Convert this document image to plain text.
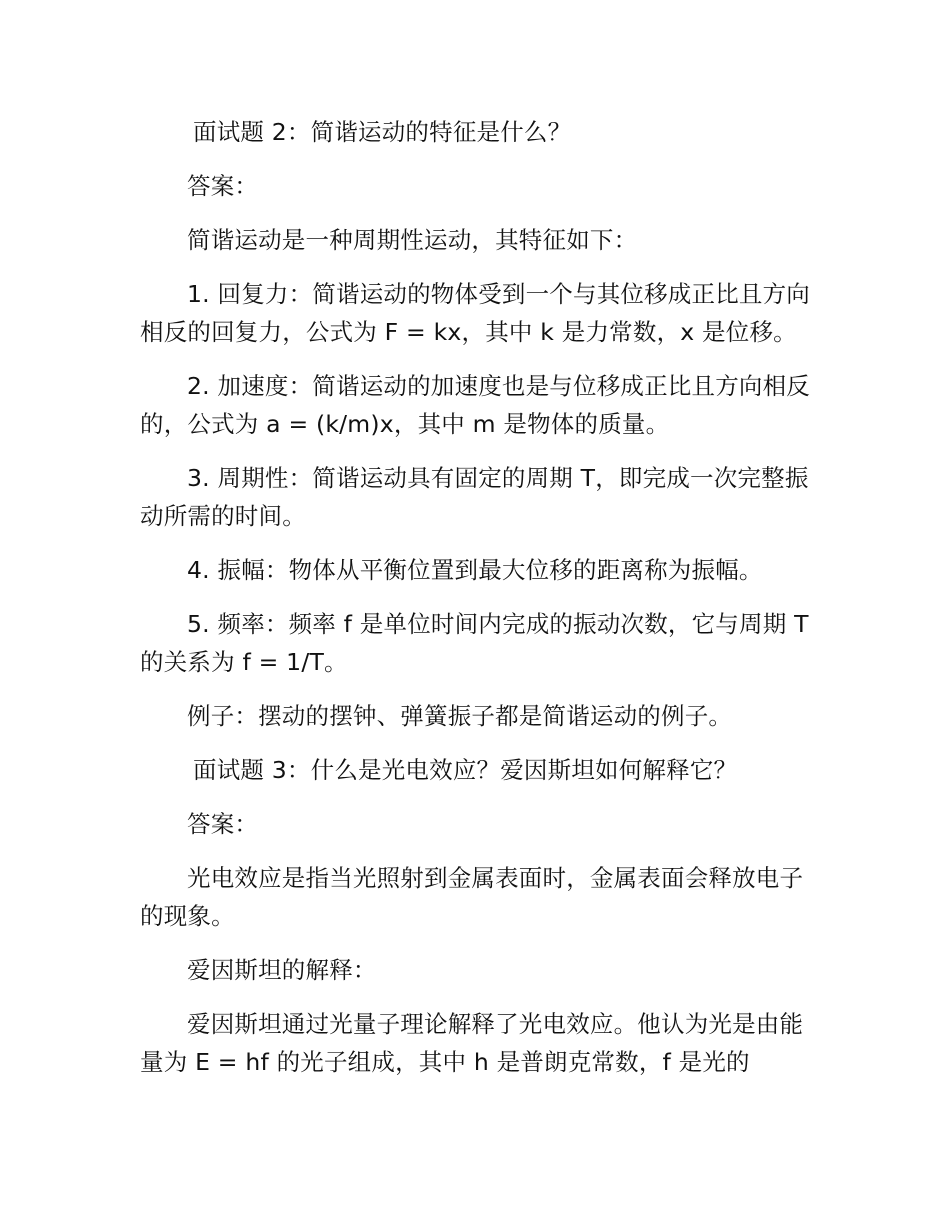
面试题 2：简谐运动的特征是什么？

答案：

简谐运动是一种周期性运动，其特征如下：

1. 回复力：简谐运动的物体受到一个与其位移成正比且方向相反的回复力，公式为 F = kx，其中 k 是力常数，x 是位移。

2. 加速度：简谐运动的加速度也是与位移成正比且方向相反的，公式为 a = (k/m)x，其中 m 是物体的质量。

3. 周期性：简谐运动具有固定的周期 T，即完成一次完整振动所需的时间。

4. 振幅：物体从平衡位置到最大位移的距离称为振幅。

5. 频率：频率 f 是单位时间内完成的振动次数，它与周期 T 的关系为 f = 1/T。

例子：摆动的摆钟、弹簧振子都是简谐运动的例子。

面试题 3：什么是光电效应？爱因斯坦如何解释它？

答案：

光电效应是指当光照射到金属表面时，金属表面会释放电子的现象。

爱因斯坦的解释：

爱因斯坦通过光量子理论解释了光电效应。他认为光是由能量为 E = hf 的光子组成，其中 h 是普朗克常数，f 是光的
